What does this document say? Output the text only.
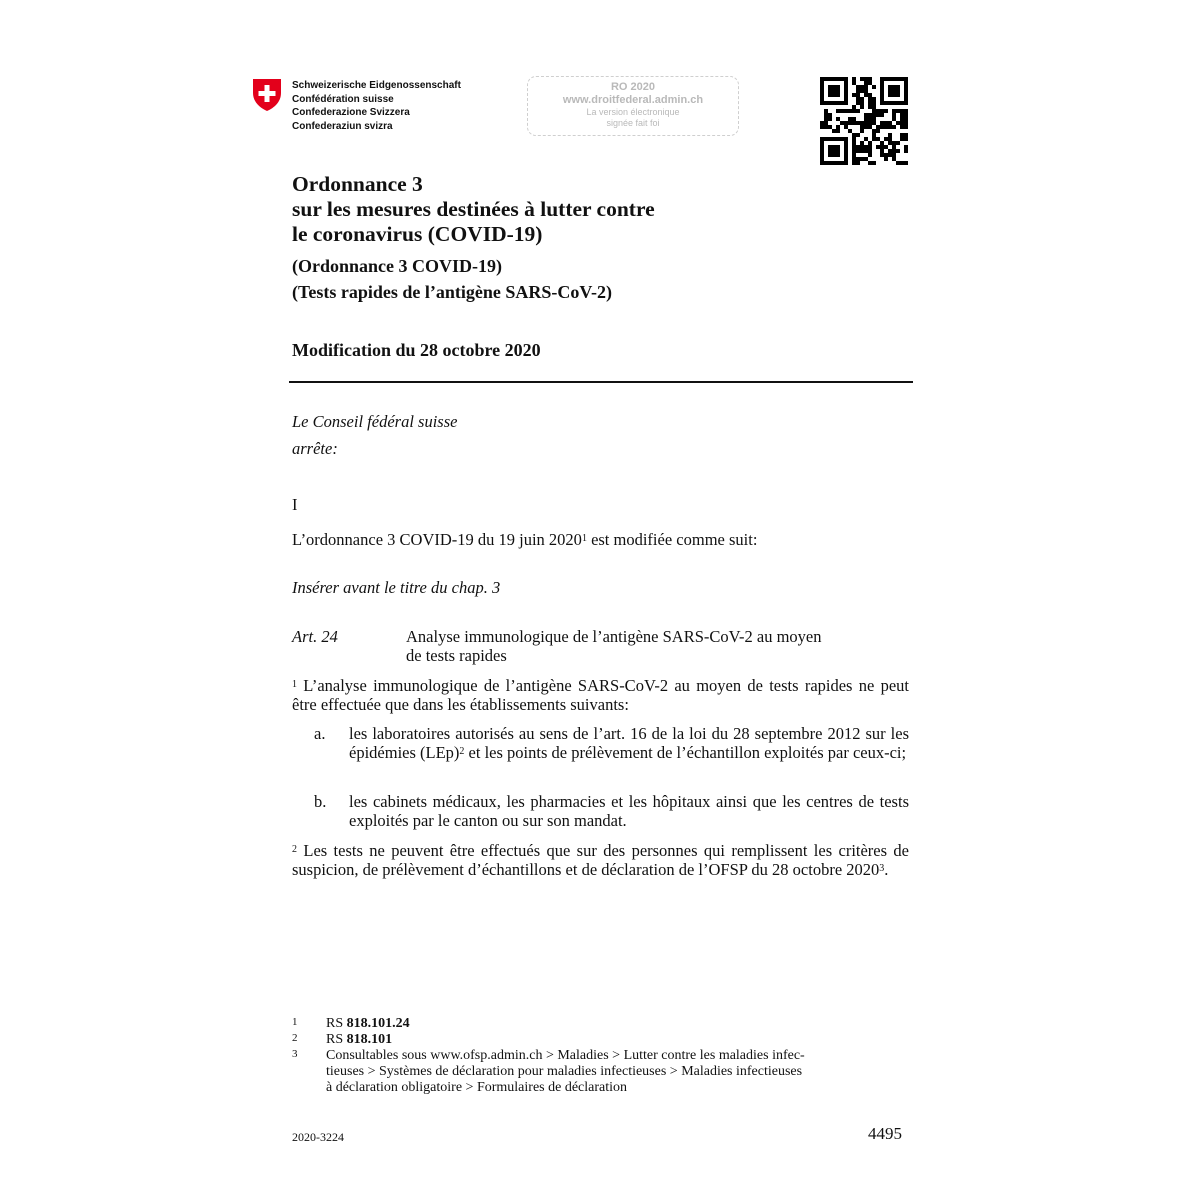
Schweizerische Eidgenossenschaft
Confédération suisse
Confederazione Svizzera
Confederaziun svizra
RO 2020
www.droitfederal.admin.ch
La version électronique
signée fait foi
Ordonnance 3
sur les mesures destinées à lutter contre
le coronavirus (COVID-19)
(Ordonnance 3 COVID-19)
(Tests rapides de l’antigène SARS-CoV-2)
Modification du 28 octobre 2020
Le Conseil fédéral suisse
arrête:
I
L’ordonnance 3 COVID-19 du 19 juin 2020$^1$ est modifiée comme suit:
Insérer avant le titre du chap. 3
Art. 24	Analyse immunologique de l’antigène SARS-CoV-2 au moyen
de tests rapides
$^1$ L’analyse immunologique de l’antigène SARS-CoV-2 au moyen de tests rapides ne peut être effectuée que dans les établissements suivants:
a. les laboratoires autorisés au sens de l’art. 16 de la loi du 28 septembre 2012 sur les épidémies (LEp)$^2$ et les points de prélèvement de l’échantillon exploités par ceux-ci;
b. les cabinets médicaux, les pharmacies et les hôpitaux ainsi que les centres de tests exploités par le canton ou sur son mandat.
$^2$ Les tests ne peuvent être effectués que sur des personnes qui remplissent les critères de suspicion, de prélèvement d’échantillons et de déclaration de l’OFSP du 28 octobre 2020$^3$.
1 RS 818.101.24
2 RS 818.101
3 Consultables sous www.ofsp.admin.ch > Maladies > Lutter contre les maladies infec-
tieuses > Systèmes de déclaration pour maladies infectieuses > Maladies infectieuses
à déclaration obligatoire > Formulaires de déclaration
2020-3224	4495
